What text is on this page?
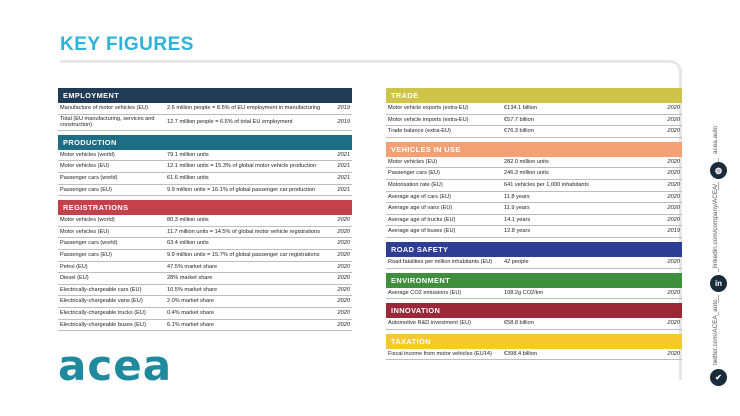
KEY FIGURES
EMPLOYMENT
Manufacture of motor vehicles (EU)	2.6 million people = 8.5% of EU employment in manufacturing	2019
Total (EU manufacturing, services and construction)
12.7 million people = 6.6% of total EU employment	2019
PRODUCTION
Motor vehicles (world)	79.1 million units	2021
Motor vehicles (EU)	12.1 million units = 15.3% of global motor vehicle production	2021
Passenger cars (world)	61.6 million units	2021
Passenger cars (EU)	9.9 million units = 16.1% of global passenger car production	2021
REGISTRATIONS
Motor vehicles (world)	80.3 million units	2020
Motor vehicles (EU)	11.7 million units = 14.5% of global motor vehicle registrations	2020
Passenger cars (world)	63.4 million units	2020
Passenger cars (EU)	9.9 million units = 15.7% of global passenger car registrations	2020
Petrol (EU)	47.5% market share	2020
Diesel (EU)	28% market share	2020
Electrically-chargeable cars (EU)	10.5% market share	2020
Electrically-chargeable vans (EU)	2.0% market share	2020
Electrically-chargeable trucks (EU)	0.4% market share	2020
Electrically-chargeable buses (EU)	6.1% market share	2020
TRADE
Motor vehicle exports (extra-EU)	€134.1 billion	2020
Motor vehicle imports (extra-EU)	€57.7 billion	2020
Trade balance (extra-EU)	€76.3 billion	2020
VEHICLES IN USE
Motor vehicles (EU)	282.0 million units	2020
Passenger cars (EU)	246.3 million units	2020
Motorisation rate (EU)	641 vehicles per 1,000 inhabitants	2020
Average age of cars (EU)	11.8 years	2020
Average age of vans (EU)	11.9 years	2020
Average age of trucks (EU)	14.1 years	2020
Average age of buses (EU)	12.8 years	2019
ROAD SAFETY
Road fatalities per million inhabitants (EU)	42 people	2020
ENVIRONMENT
Average CO2 emissions (EU)	108.2g CO2/km	2020
INNOVATION
Automotive R&D investment (EU)	€58.8 billion	2020
TAXATION
Fiscal income from motor vehicles (EU14)	€398.4 billion	2020
acea
acea.auto
◍
linkedin.com/company/ACEA/
in
twitter.com/ACEA_auto
✔
